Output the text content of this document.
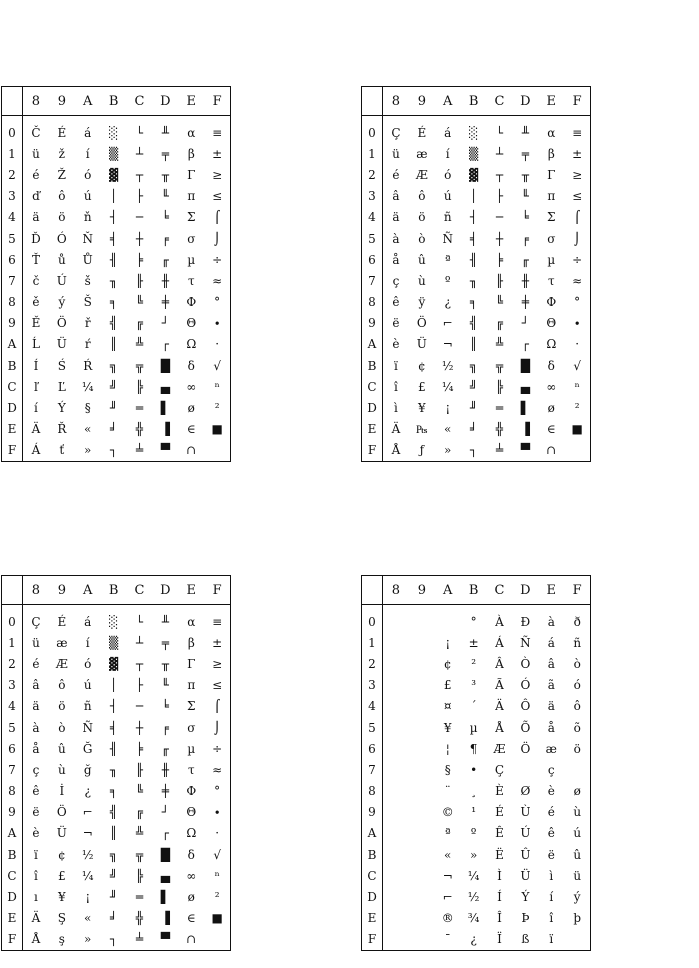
	8	9	A	B	C	D	E	F

0	Č	É	á	░	└	╨	α	≡
1	ü	ž	í	▒	┴	╤	β	±
2	é	Ž	ó	▓	┬	╥	Γ	≥
3	ď	ô	ú	│	├	╙	π	≤
4	ä	ö	ň	┤	─	╘	Σ	⌠
5	Ď	Ó	Ň	╡	┼	╒	σ	⌡
6	Ť	ů	Ů	╢	╞	╓	µ	÷
7	č	Ú	š	╖	╟	╫	τ	≈
8	ě	ý	Š	╕	╚	╪	Φ	°
9	Ě	Ö	ř	╣	╔	┘	Θ	∙
A	Ĺ	Ü	ŕ	║	╩	┌	Ω	·
B	Í	Ś	Ŕ	╗	╦	█	δ	√
C	ľ	Ľ	¼	╝	╠	▄	∞	ⁿ
D	í	Ý	§	╜	═	▌	ø	²
E	Ä	Ř	«	╛	╬	▐	∈	■
F	Á	ť	»	┐	╧	▀	∩	
	8	9	A	B	C	D	E	F

0	Ç	É	á	░	└	╨	α	≡
1	ü	æ	í	▒	┴	╤	β	±
2	é	Æ	ó	▓	┬	╥	Γ	≥
3	â	ô	ú	│	├	╙	π	≤
4	ä	ö	ñ	┤	─	╘	Σ	⌠
5	à	ò	Ñ	╡	┼	╒	σ	⌡
6	å	û	ª	╢	╞	╓	µ	÷
7	ç	ù	º	╖	╟	╫	τ	≈
8	ê	ÿ	¿	╕	╚	╪	Φ	°
9	ë	Ö	⌐	╣	╔	┘	Θ	∙
A	è	Ü	¬	║	╩	┌	Ω	·
B	ï	¢	½	╗	╦	█	δ	√
C	î	£	¼	╝	╠	▄	∞	ⁿ
D	ì	¥	¡	╜	═	▌	ø	²
E	Ä	₧	«	╛	╬	▐	∈	■
F	Å	ƒ	»	┐	╧	▀	∩	
	8	9	A	B	C	D	E	F

0	Ç	É	á	░	└	╨	α	≡
1	ü	æ	í	▒	┴	╤	β	±
2	é	Æ	ó	▓	┬	╥	Γ	≥
3	â	ô	ú	│	├	╙	π	≤
4	ä	ö	ñ	┤	─	╘	Σ	⌠
5	à	ò	Ñ	╡	┼	╒	σ	⌡
6	å	û	Ğ	╢	╞	╓	µ	÷
7	ç	ù	ğ	╖	╟	╫	τ	≈
8	ê	İ	¿	╕	╚	╪	Φ	°
9	ë	Ö	⌐	╣	╔	┘	Θ	∙
A	è	Ü	¬	║	╩	┌	Ω	·
B	ï	¢	½	╗	╦	█	δ	√
C	î	£	¼	╝	╠	▄	∞	ⁿ
D	ı	¥	¡	╜	═	▌	ø	²
E	Ä	Ş	«	╛	╬	▐	∈	■
F	Å	ş	»	┐	╧	▀	∩	
	8	9	A	B	C	D	E	F

0				°	À	Ð	à	ð
1			¡	±	Á	Ñ	á	ñ
2			¢	²	Â	Ò	â	ò
3			£	³	Ã	Ó	ã	ó
4			¤	´	Ä	Ô	ä	ô
5			¥	µ	Å	Õ	å	õ
6			¦	¶	Æ	Ö	æ	ö
7			§	•	Ç		ç	
8			¨	¸	È	Ø	è	ø
9			©	¹	É	Ù	é	ù
A			ª	º	Ê	Ú	ê	ú
B			«	»	Ë	Û	ë	û
C			¬	¼	Ì	Ü	ì	ü
D			⌐	½	Í	Ý	í	ý
E			®	¾	Î	Þ	î	þ
F			¯	¿	Ï	ß	ï	
